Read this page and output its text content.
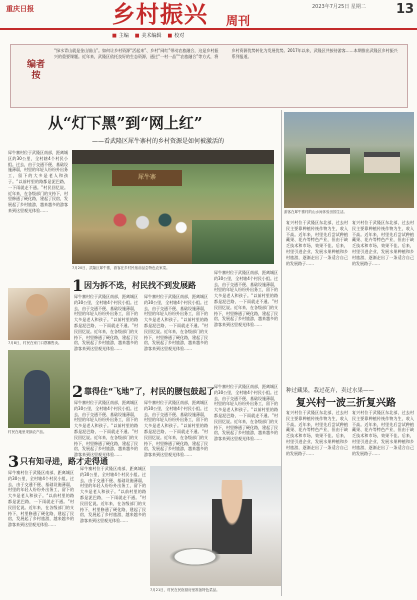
重庆日报	乡村振兴 周刊
2023年7月25日 星期二	13
■ 主编	■ 美术编辑	■ 校对
编者按
“绿水青山就是金山银山”。如何让乡村资源“活起来”、乡村“网红”带动农旅融合，这是乡村振兴的重要课题。近年来，武隆区依托良好的生态资源，通过“一村一品”“农旅融合”等方式，将乡村资源优势转化为发展优势。2017年以来，武隆区共接待游客……本期推出武隆区乡村振兴系列报道。
从“灯下黑”到“网上红”
——看武隆区犀牛寨村的乡村资源是如何被激活的
犀牛寨村位于武隆区南部，距离城区约30公里，全村辖4个村民小组。过去，由于交通不便、基础设施薄弱，村里的年轻人纷纷外出务工，留下的大多是老人和孩子。“以前村里的路都是泥巴路，一下雨就走不通。”村民回忆说。近年来，在各级部门的支持下，村里修通了硬化路，建起了民宿，发展起了乡村旅游，越来越多的游客来到这里观光体验……
犀牛寨
7月20日，武隆区犀牛寨，游客在乡村民宿前品尝特色农家菜。
1 因为拆不迭，村民找不到发展路
犀牛寨村位于武隆区南部，距离城区约30公里，全村辖4个村民小组。过去，由于交通不便、基础设施薄弱，村里的年轻人纷纷外出务工，留下的大多是老人和孩子。“以前村里的路都是泥巴路，一下雨就走不通。”村民回忆说。近年来，在各级部门的支持下，村里修通了硬化路，建起了民宿，发展起了乡村旅游，越来越多的游客来到这里观光体验……
犀牛寨村位于武隆区南部，距离城区约30公里，全村辖4个村民小组。过去，由于交通不便、基础设施薄弱，村里的年轻人纷纷外出务工，留下的大多是老人和孩子。“以前村里的路都是泥巴路，一下雨就走不通。”村民回忆说。近年来，在各级部门的支持下，村里修通了硬化路，建起了民宿，发展起了乡村旅游，越来越多的游客来到这里观光体验……
犀牛寨村位于武隆区南部，距离城区约30公里，全村辖4个村民小组。过去，由于交通不便、基础设施薄弱，村里的年轻人纷纷外出务工，留下的大多是老人和孩子。“以前村里的路都是泥巴路，一下雨就走不通。”村民回忆说。近年来，在各级部门的支持下，村里修通了硬化路，建起了民宿，发展起了乡村旅游，越来越多的游客来到这里观光体验……
2 靠得住“飞地”了，村民的腰包鼓起了
犀牛寨村位于武隆区南部，距离城区约30公里，全村辖4个村民小组。过去，由于交通不便、基础设施薄弱，村里的年轻人纷纷外出务工，留下的大多是老人和孩子。“以前村里的路都是泥巴路，一下雨就走不通。”村民回忆说。近年来，在各级部门的支持下，村里修通了硬化路，建起了民宿，发展起了乡村旅游，越来越多的游客来到这里观光体验……
犀牛寨村位于武隆区南部，距离城区约30公里，全村辖4个村民小组。过去，由于交通不便、基础设施薄弱，村里的年轻人纷纷外出务工，留下的大多是老人和孩子。“以前村里的路都是泥巴路，一下雨就走不通。”村民回忆说。近年来，在各级部门的支持下，村里修通了硬化路，建起了民宿，发展起了乡村旅游，越来越多的游客来到这里观光体验……
犀牛寨村位于武隆区南部，距离城区约30公里，全村辖4个村民小组。过去，由于交通不便、基础设施薄弱，村里的年轻人纷纷外出务工，留下的大多是老人和孩子。“以前村里的路都是泥巴路，一下雨就走不通。”村民回忆说。近年来，在各级部门的支持下，村里修通了硬化路，建起了民宿，发展起了乡村旅游，越来越多的游客来到这里观光体验……
7月8日，村民在家门口摆摊售卖。
村民在地里采摘农产品。
3 只有知寻进，路才走得通
犀牛寨村位于武隆区南部，距离城区约30公里，全村辖4个村民小组。过去，由于交通不便、基础设施薄弱，村里的年轻人纷纷外出务工，留下的大多是老人和孩子。“以前村里的路都是泥巴路，一下雨就走不通。”村民回忆说。近年来，在各级部门的支持下，村里修通了硬化路，建起了民宿，发展起了乡村旅游，越来越多的游客来到这里观光体验……
犀牛寨村位于武隆区南部，距离城区约30公里，全村辖4个村民小组。过去，由于交通不便、基础设施薄弱，村里的年轻人纷纷外出务工，留下的大多是老人和孩子。“以前村里的路都是泥巴路，一下雨就走不通。”村民回忆说。近年来，在各级部门的支持下，村里修通了硬化路，建起了民宿，发展起了乡村旅游，越来越多的游客来到这里观光体验……
7月21日，村民在民宿厨房里准备特色菜品。
游客在犀牛寨村的山水间体验田园生活。
复兴村位于武隆区东北部，过去村民主要靠种植传统作物为生，收入不高。近年来，村里先后尝试种植藏果、花卉等特色产业，但由于缺乏技术和市场，效果不佳。后来，村里引进企业，发展水果种植和乡村旅游，逐渐走出了一条适合自己的发展路子……
复兴村位于武隆区东北部，过去村民主要靠种植传统作物为生，收入不高。近年来，村里先后尝试种植藏果、花卉等特色产业，但由于缺乏技术和市场，效果不佳。后来，村里引进企业，发展水果种植和乡村旅游，逐渐走出了一条适合自己的发展路子……
种过藏果，栽过花卉，卖过水果——
复兴村一波三折复兴路
复兴村位于武隆区东北部，过去村民主要靠种植传统作物为生，收入不高。近年来，村里先后尝试种植藏果、花卉等特色产业，但由于缺乏技术和市场，效果不佳。后来，村里引进企业，发展水果种植和乡村旅游，逐渐走出了一条适合自己的发展路子……
复兴村位于武隆区东北部，过去村民主要靠种植传统作物为生，收入不高。近年来，村里先后尝试种植藏果、花卉等特色产业，但由于缺乏技术和市场，效果不佳。后来，村里引进企业，发展水果种植和乡村旅游，逐渐走出了一条适合自己的发展路子……
